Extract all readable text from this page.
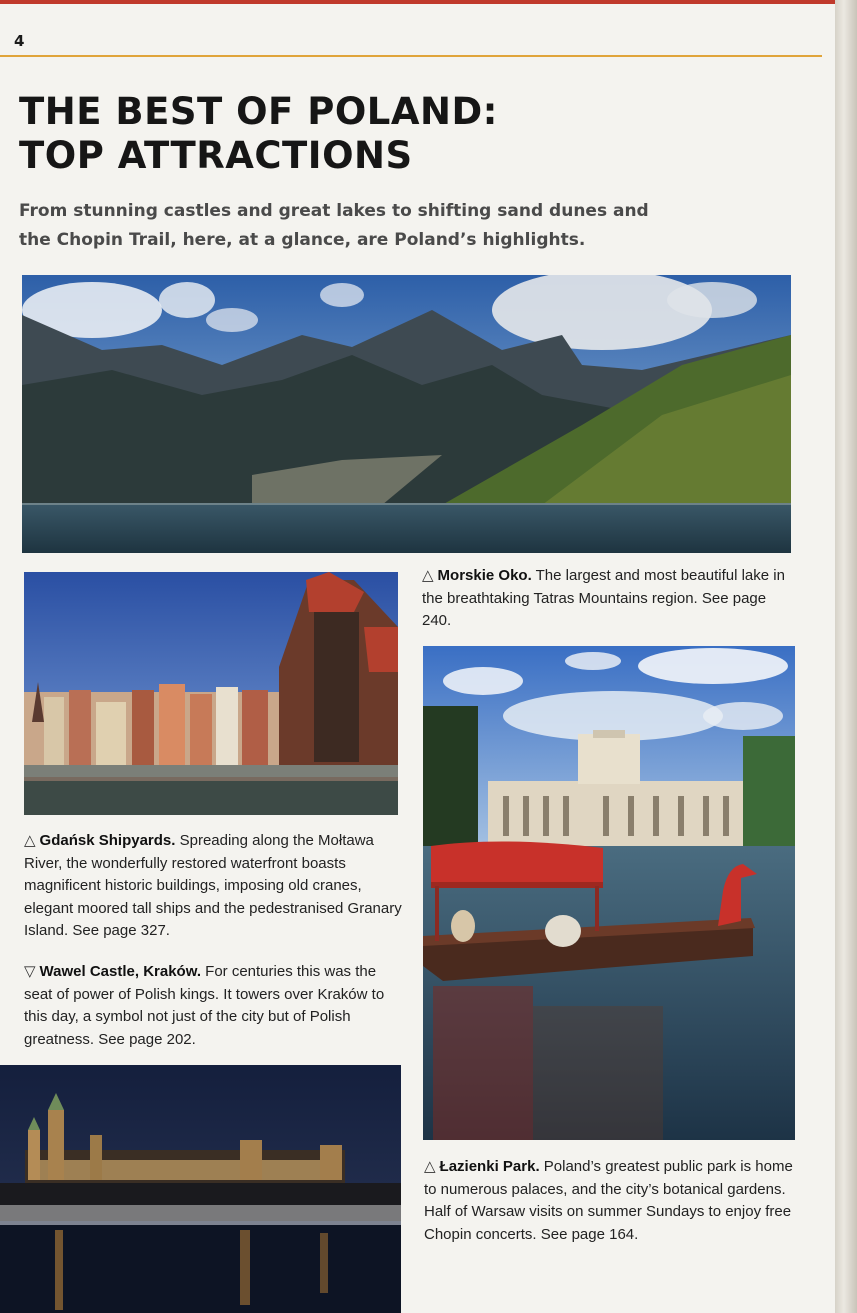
4
THE BEST OF POLAND:
TOP ATTRACTIONS

From stunning castles and great lakes to shifting sand dunes and the Chopin Trail, here, at a glance, are Poland’s highlights.

△ Morskie Oko. The largest and most beautiful lake in the breathtaking Tatras Mountains region. See page 240.

△ Gdańsk Shipyards. Spreading along the Mołtawa River, the wonderfully restored waterfront boasts magnificent historic buildings, imposing old cranes, elegant moored tall ships and the pedestranised Granary Island. See page 327.

▽ Wawel Castle, Kraków. For centuries this was the seat of power of Polish kings. It towers over Kraków to this day, a symbol not just of the city but of Polish greatness. See page 202.

△ Łazienki Park. Poland’s greatest public park is home to numerous palaces, and the city’s botanical gardens. Half of Warsaw visits on summer Sundays to enjoy free Chopin concerts. See page 164.
